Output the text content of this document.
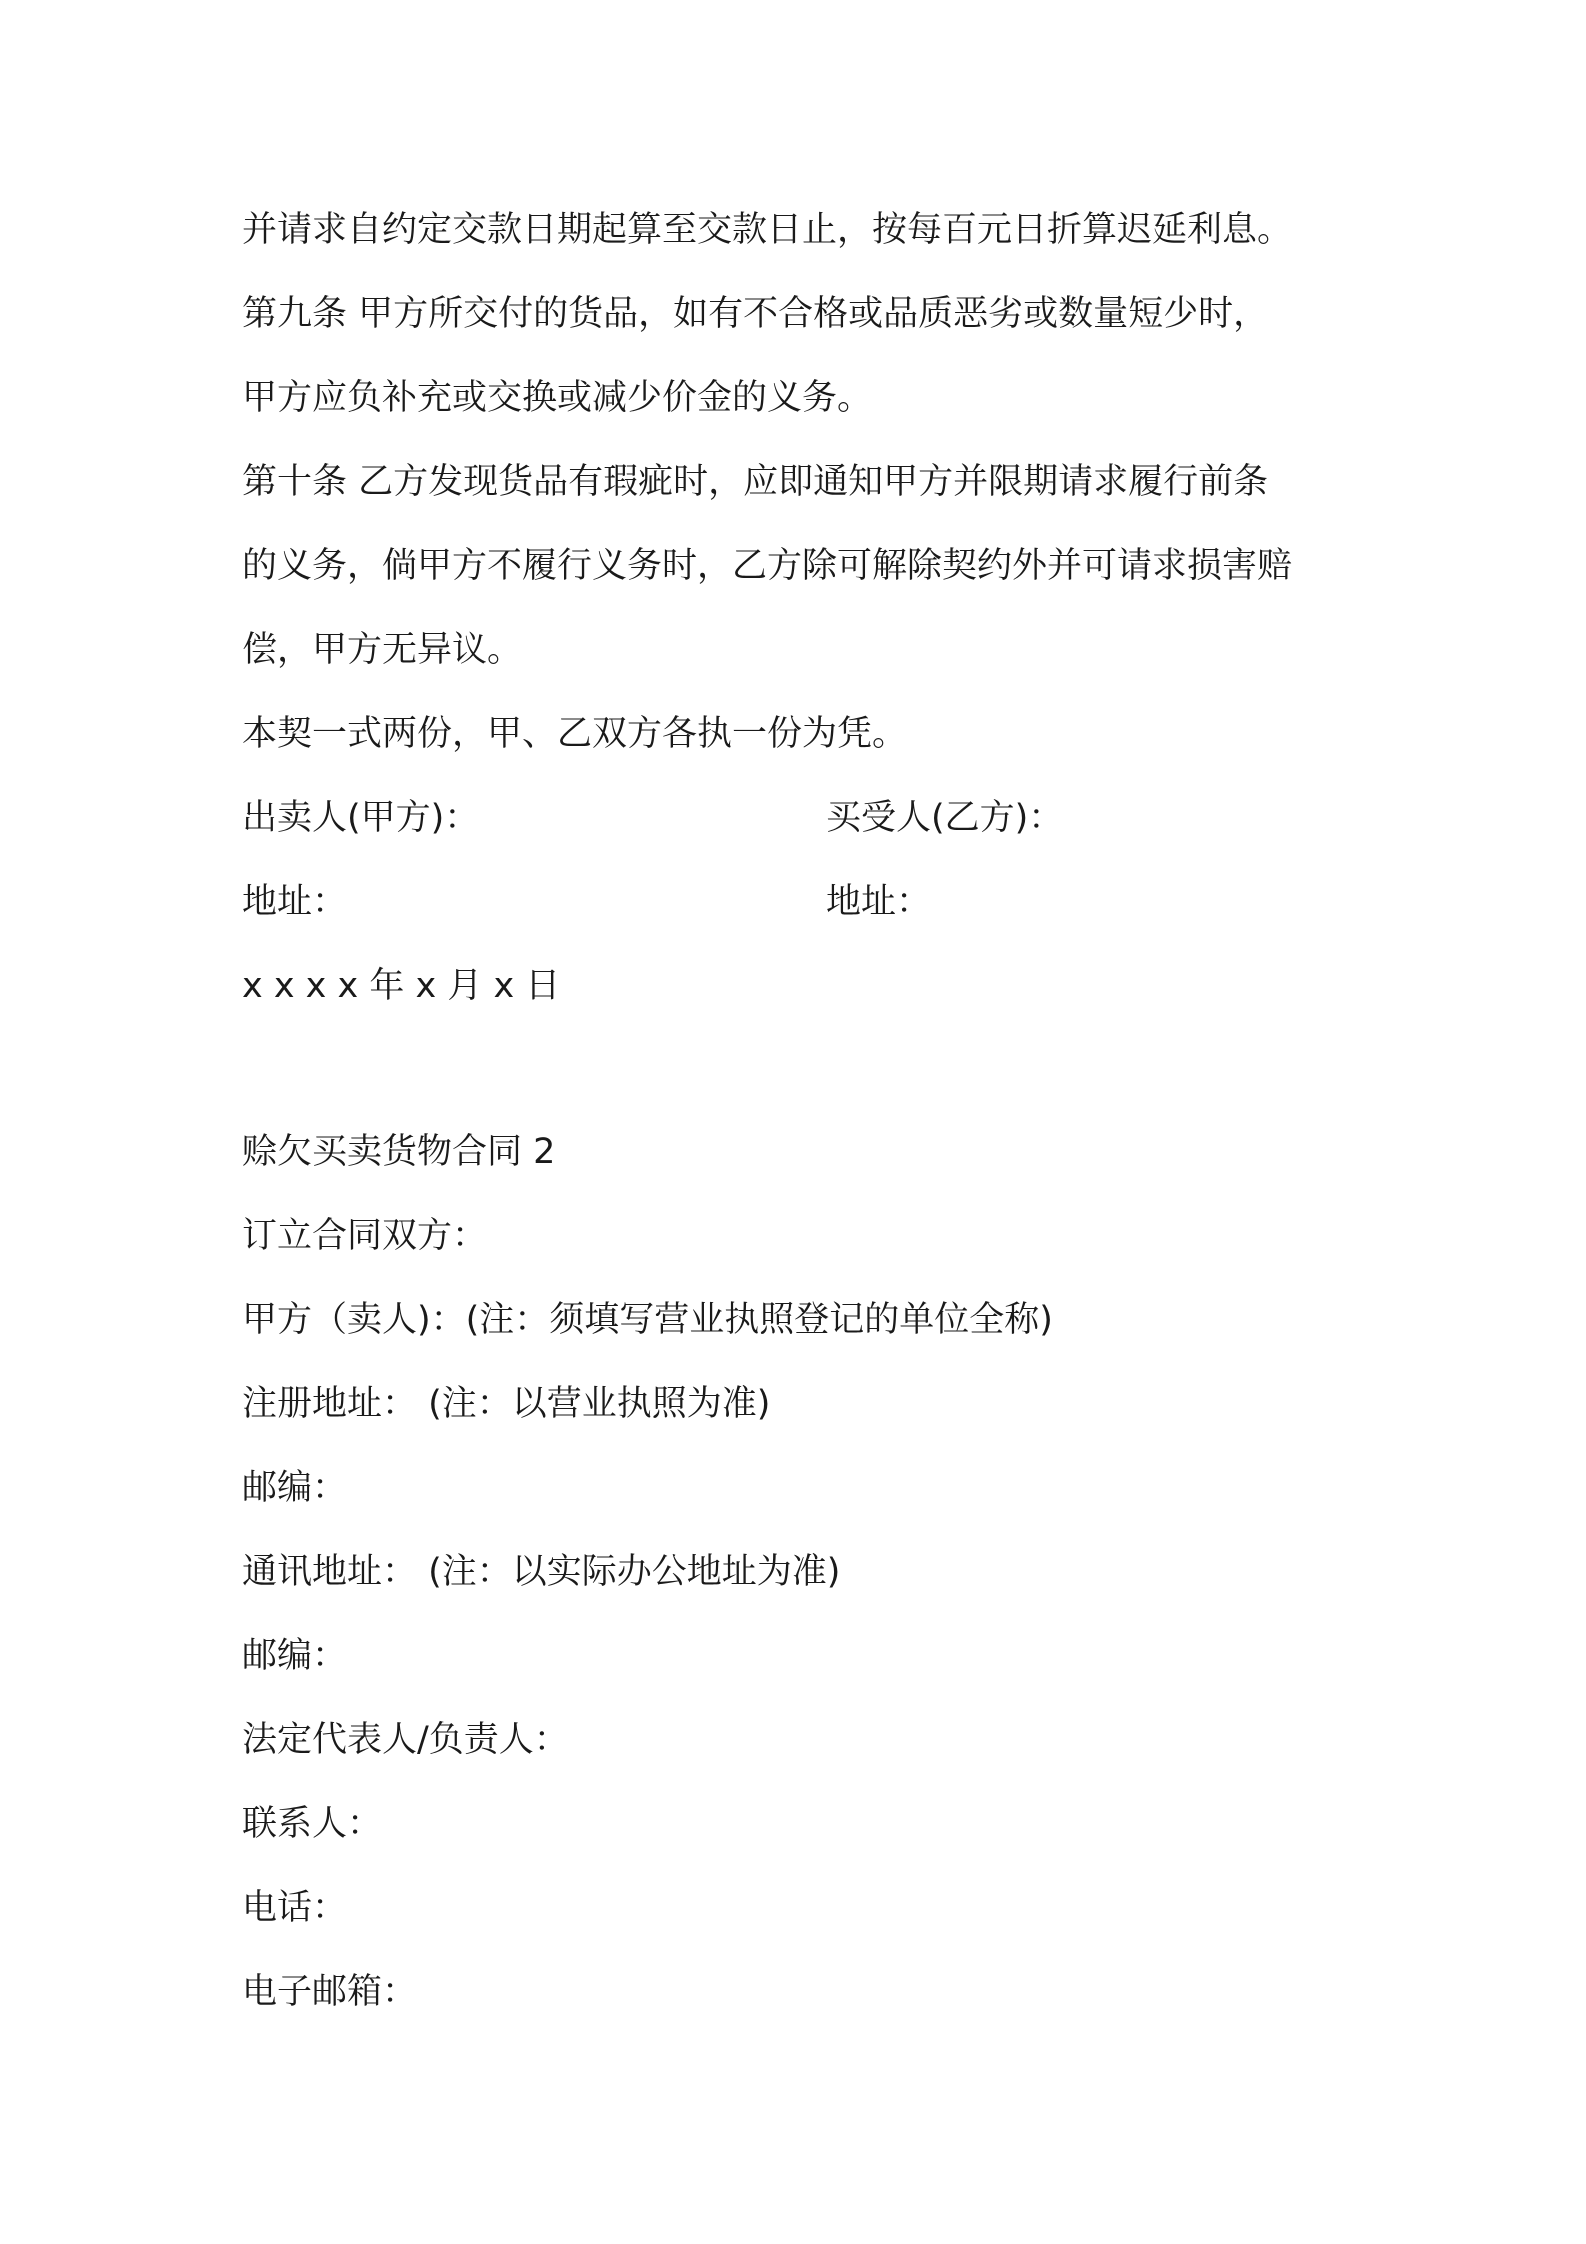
并请求自约定交款日期起算至交款日止，按每百元日折算迟延利息。
第九条 甲方所交付的货品，如有不合格或品质恶劣或数量短少时，
甲方应负补充或交换或减少价金的义务。
第十条 乙方发现货品有瑕疵时，应即通知甲方并限期请求履行前条
的义务，倘甲方不履行义务时，乙方除可解除契约外并可请求损害赔
偿，甲方无异议。
本契一式两份，甲、乙双方各执一份为凭。
出卖人(甲方)：	买受人(乙方)：
地址：	地址：
x x x x 年 x 月 x 日
赊欠买卖货物合同 2
订立合同双方：
甲方（卖人)：(注：须填写营业执照登记的单位全称)
注册地址： (注：以营业执照为准)
邮编：
通讯地址： (注：以实际办公地址为准)
邮编：
法定代表人/负责人：
联系人：
电话：
电子邮箱：
